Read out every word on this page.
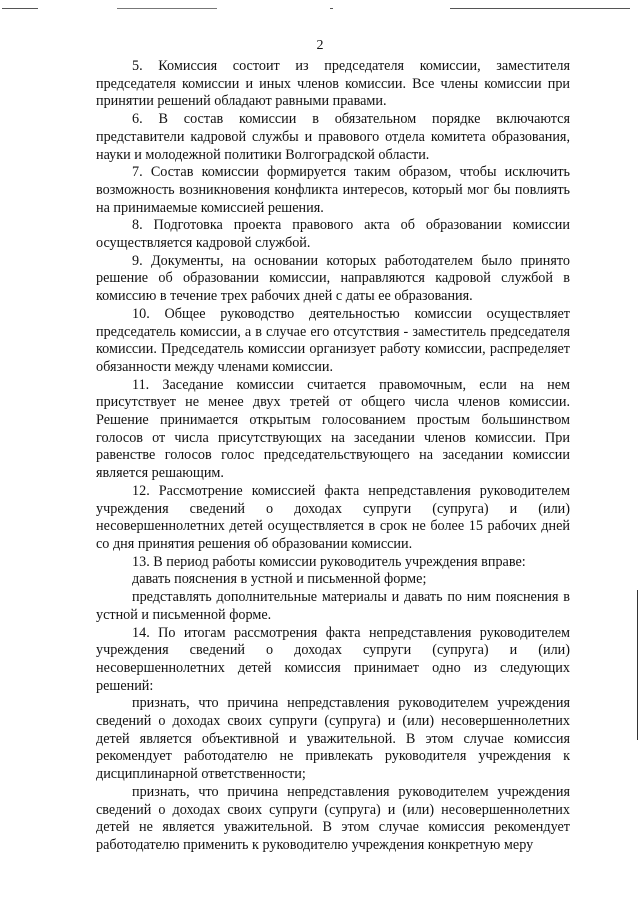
2

5. Комиссия состоит из председателя комиссии, заместителя председателя комиссии и иных членов комиссии. Все члены комиссии при принятии решений обладают равными правами.

6. В состав комиссии в обязательном порядке включаются представители кадровой службы и правового отдела комитета образования, науки и молодежной политики Волгоградской области.

7. Состав комиссии формируется таким образом, чтобы исключить возможность возникновения конфликта интересов, который мог бы повлиять на принимаемые комиссией решения.

8. Подготовка проекта правового акта об образовании комиссии осуществляется кадровой службой.

9. Документы, на основании которых работодателем было принято решение об образовании комиссии, направляются кадровой службой в комиссию в течение трех рабочих дней с даты ее образования.

10. Общее руководство деятельностью комиссии осуществляет председатель комиссии, а в случае его отсутствия - заместитель председателя комиссии. Председатель комиссии организует работу комиссии, распределяет обязанности между членами комиссии.

11. Заседание комиссии считается правомочным, если на нем присутствует не менее двух третей от общего числа членов комиссии. Решение принимается открытым голосованием простым большинством голосов от числа присутствующих на заседании членов комиссии. При равенстве голосов голос председательствующего на заседании комиссии является решающим.

12. Рассмотрение комиссией факта непредставления руководителем учреждения сведений о доходах супруги (супруга) и (или) несовершеннолетних детей осуществляется в срок не более 15 рабочих дней со дня принятия решения об образовании комиссии.

13. В период работы комиссии руководитель учреждения вправе:

давать пояснения в устной и письменной форме;

представлять дополнительные материалы и давать по ним пояснения в устной и письменной форме.

14. По итогам рассмотрения факта непредставления руководителем учреждения сведений о доходах супруги (супруга) и (или) несовершеннолетних детей комиссия принимает одно из следующих решений:

признать, что причина непредставления руководителем учреждения сведений о доходах своих супруги (супруга) и (или) несовершеннолетних детей является объективной и уважительной. В этом случае комиссия рекомендует работодателю не привлекать руководителя учреждения к дисциплинарной ответственности;

признать, что причина непредставления руководителем учреждения сведений о доходах своих супруги (супруга) и (или) несовершеннолетних детей не является уважительной. В этом случае комиссия рекомендует работодателю применить к руководителю учреждения конкретную меру
